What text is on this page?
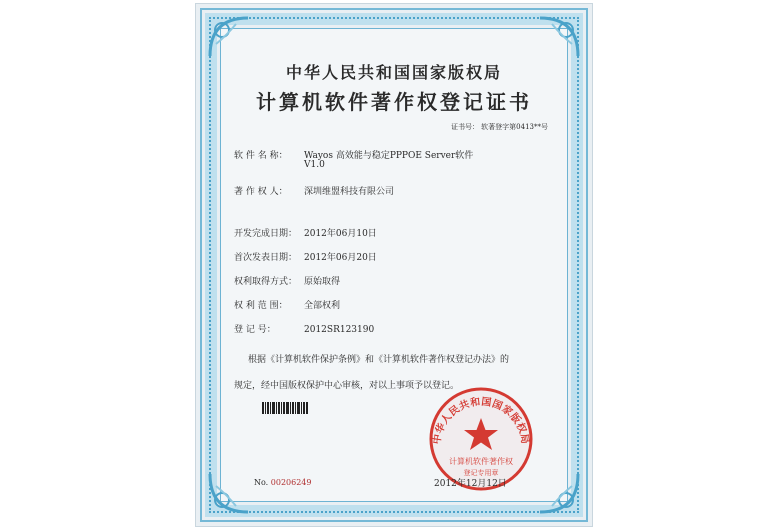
中华人民共和国国家版权局
计算机软件著作权登记证书
证书号： 软著登字第0413**号
软 件 名 称： Wayos 高效能与稳定PPPOE Server软件
V1.0
著 作 权 人： 深圳维盟科技有限公司
开发完成日期： 2012年06月10日
首次发表日期： 2012年06月20日
权利取得方式： 原始取得
权 利 范 围： 全部权利
登 记 号：	2012SR123190
根据《计算机软件保护条例》和《计算机软件著作权登记办法》的
规定，经中国版权保护中心审核，对以上事项予以登记。
中华人民共和国国家版权局
计算机软件著作权
登记专用章
No. 00206249	2012年12月12日
